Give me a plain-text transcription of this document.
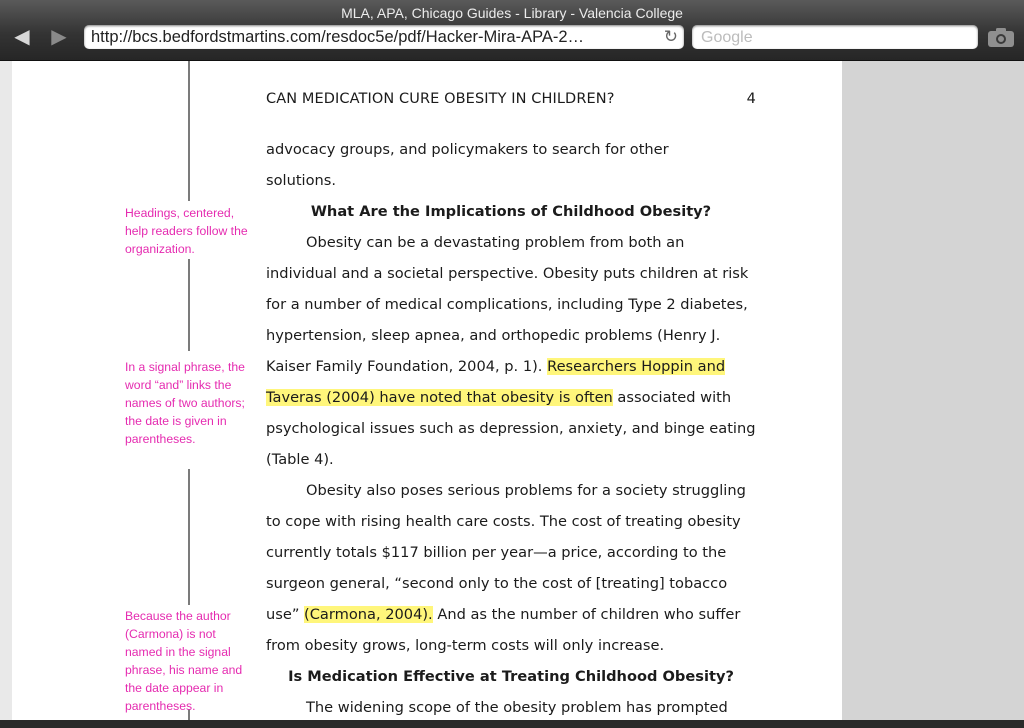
MLA, APA, Chicago Guides - Library - Valencia College
◀ ▶	http://bcs.bedfordstmartins.com/resdoc5e/pdf/Hacker-Mira-APA-2…	↻
Google
Headings, centered, help readers follow the organization.
In a signal phrase, the word “and” links the names of two authors; the date is given in parentheses.
Because the author (Carmona) is not named in the signal phrase, his name and the date appear in parentheses.
CAN MEDICATION CURE OBESITY IN CHILDREN?	4
advocacy groups, and policymakers to search for other
solutions.
What Are the Implications of Childhood Obesity?
Obesity can be a devastating problem from both an
individual and a societal perspective. Obesity puts children at risk
for a number of medical complications, including Type 2 diabetes,
hypertension, sleep apnea, and orthopedic problems (Henry J.
Kaiser Family Foundation, 2004, p. 1). Researchers Hoppin and
Taveras (2004) have noted that obesity is often associated with
psychological issues such as depression, anxiety, and binge eating
(Table 4).
Obesity also poses serious problems for a society struggling
to cope with rising health care costs. The cost of treating obesity
currently totals $117 billion per year—a price, according to the
surgeon general, “second only to the cost of [treating] tobacco
use” (Carmona, 2004). And as the number of children who suffer
from obesity grows, long-term costs will only increase.
Is Medication Effective at Treating Childhood Obesity?
The widening scope of the obesity problem has prompted
